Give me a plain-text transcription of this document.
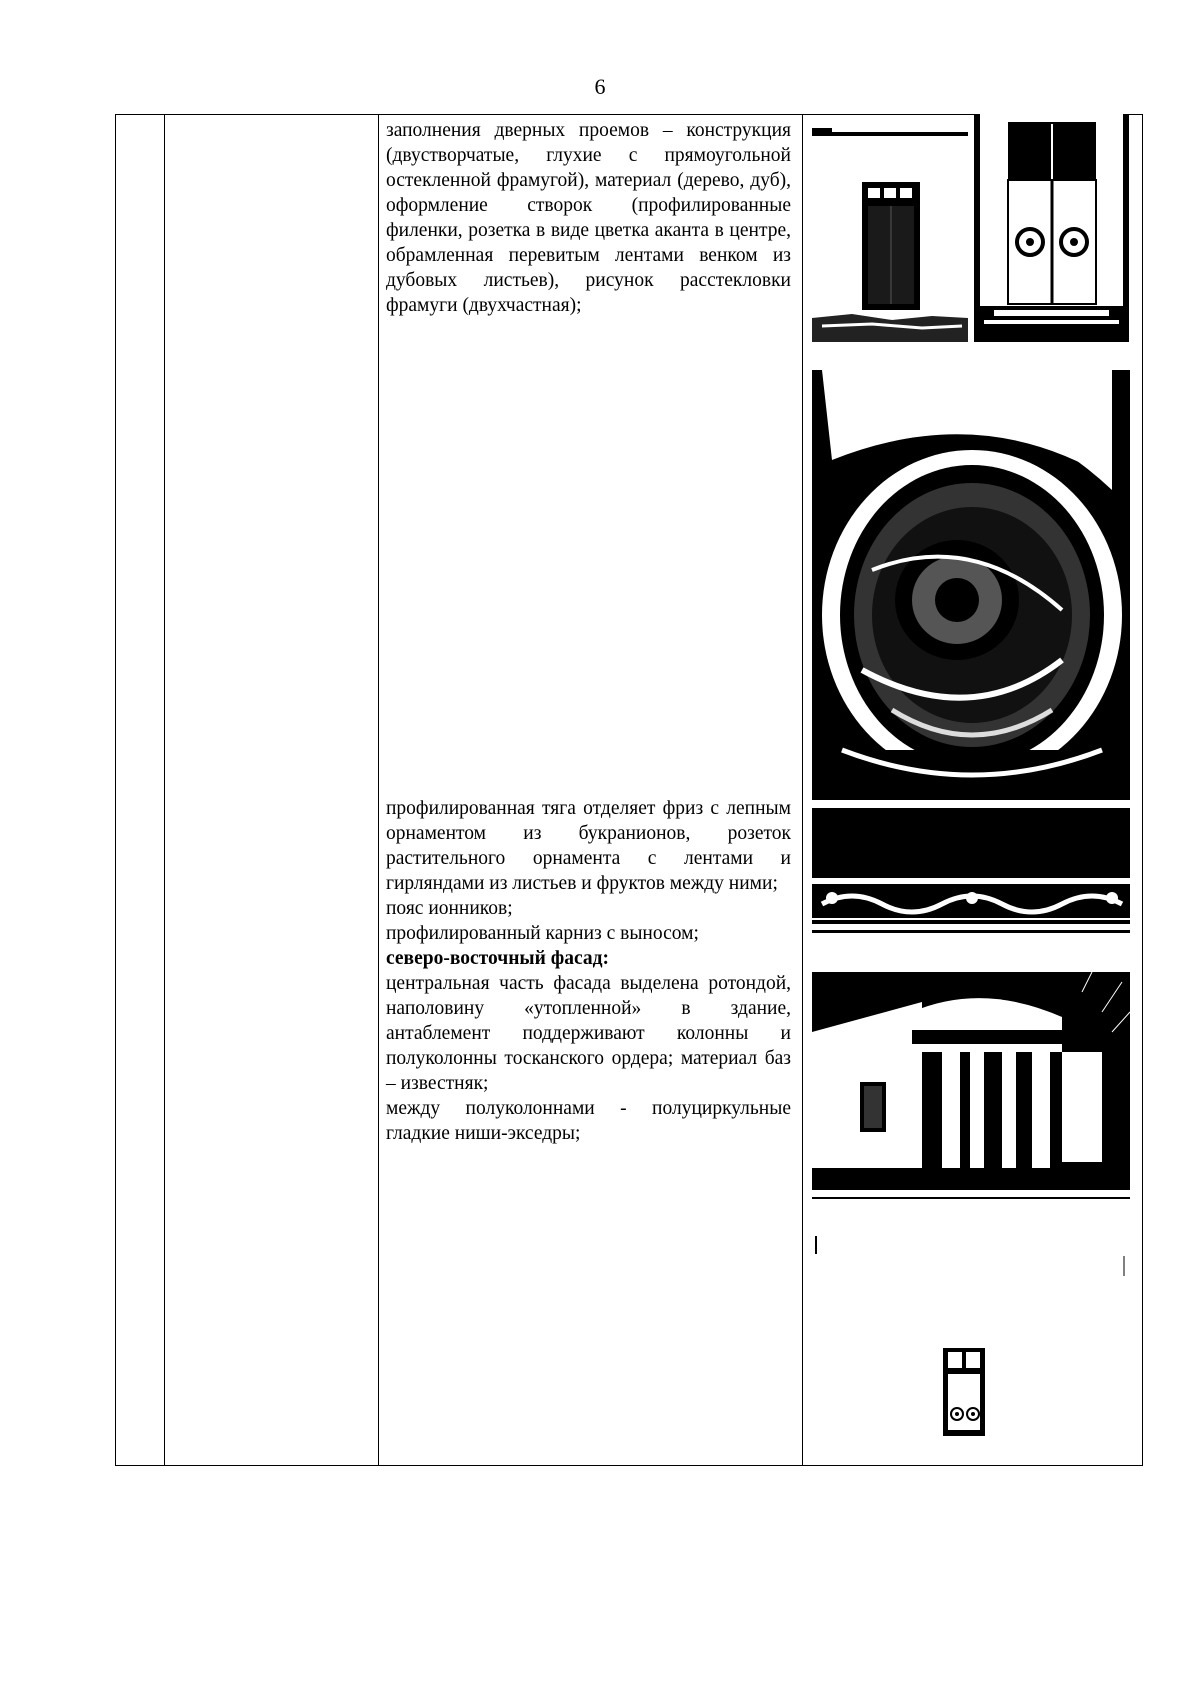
6

заполнения дверных проемов – конструкция (двустворчатые, глухие с прямоугольной остекленной фрамугой), материал (дерево, дуб), оформление створок (профилированные филенки, розетка в виде цветка аканта в центре, обрамленная перевитым лентами венком из дубовых листьев), рисунок расстекловки фрамуги (двухчастная);

профилированная тяга отделяет фриз с лепным орнаментом из букранионов, розеток растительного орнамента с лентами и гирляндами из листьев и фруктов между ними;

пояс ионников;

профилированный карниз с выносом;

северо-восточный фасад:

центральная часть фасада выделена ротондой, наполовину «утопленной» в здание, антаблемент поддерживают колонны и полуколонны тосканского ордера; материал баз – известняк;

между полуколоннами - полуциркульные гладкие ниши-экседры;
